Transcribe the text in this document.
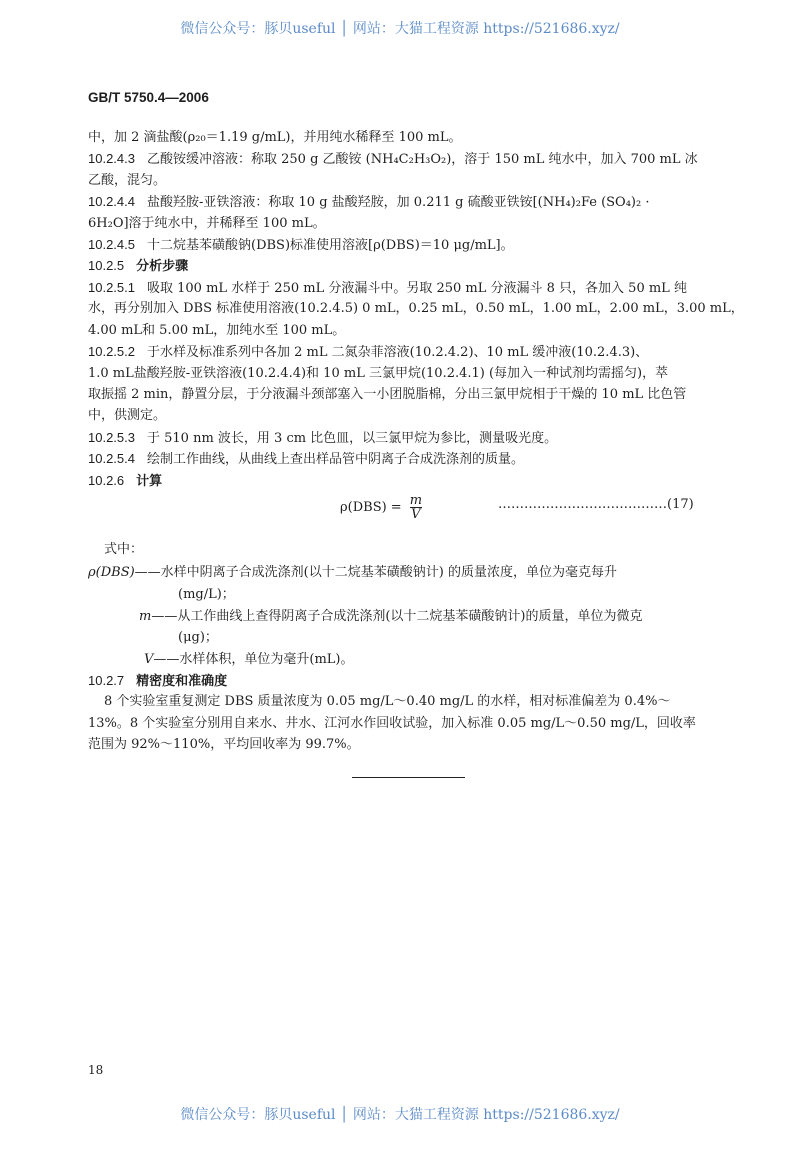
微信公众号：豚贝useful │ 网站：大猫工程资源 https://521686.xyz/
GB/T 5750.4—2006
中，加 2 滴盐酸(ρ₂₀＝1.19 g/mL)，并用纯水稀释至 100 mL。
10.2.4.3 乙酸铵缓冲溶液：称取 250 g 乙酸铵 (NH₄C₂H₃O₂)，溶于 150 mL 纯水中，加入 700 mL 冰
乙酸，混匀。
10.2.4.4 盐酸羟胺-亚铁溶液：称取 10 g 盐酸羟胺，加 0.211 g 硫酸亚铁铵[(NH₄)₂Fe (SO₄)₂ ·
6H₂O]溶于纯水中，并稀释至 100 mL。
10.2.4.5 十二烷基苯磺酸钠(DBS)标准使用溶液[ρ(DBS)＝10 μg/mL]。
10.2.5 分析步骤
10.2.5.1 吸取 100 mL 水样于 250 mL 分液漏斗中。另取 250 mL 分液漏斗 8 只，各加入 50 mL 纯
水，再分别加入 DBS 标准使用溶液(10.2.4.5) 0 mL，0.25 mL，0.50 mL，1.00 mL，2.00 mL，3.00 mL，
4.00 mL和 5.00 mL，加纯水至 100 mL。
10.2.5.2 于水样及标准系列中各加 2 mL 二氮杂菲溶液(10.2.4.2)、10 mL 缓冲液(10.2.4.3)、
1.0 mL盐酸羟胺-亚铁溶液(10.2.4.4)和 10 mL 三氯甲烷(10.2.4.1) (每加入一种试剂均需摇匀)，萃
取振摇 2 min，静置分层，于分液漏斗颈部塞入一小团脱脂棉，分出三氯甲烷相于干燥的 10 mL 比色管
中，供测定。
10.2.5.3 于 510 nm 波长，用 3 cm 比色皿，以三氯甲烷为参比，测量吸光度。
10.2.5.4 绘制工作曲线，从曲线上查出样品管中阴离子合成洗涤剂的质量。
10.2.6 计算
$\rho(DBS) = \frac{m}{V}$	…………………………………(17)
式中：
ρ(DBS)——水样中阴离子合成洗涤剂(以十二烷基苯磺酸钠计) 的质量浓度，单位为毫克每升
(mg/L)；
m——从工作曲线上查得阴离子合成洗涤剂(以十二烷基苯磺酸钠计)的质量，单位为微克
(μg)；
V——水样体积，单位为毫升(mL)。
10.2.7 精密度和准确度
8 个实验室重复测定 DBS 质量浓度为 0.05 mg/L～0.40 mg/L 的水样，相对标准偏差为 0.4%～
13%。8 个实验室分别用自来水、井水、江河水作回收试验，加入标准 0.05 mg/L～0.50 mg/L，回收率
范围为 92%～110%，平均回收率为 99.7%。
18
微信公众号：豚贝useful │ 网站：大猫工程资源 https://521686.xyz/
